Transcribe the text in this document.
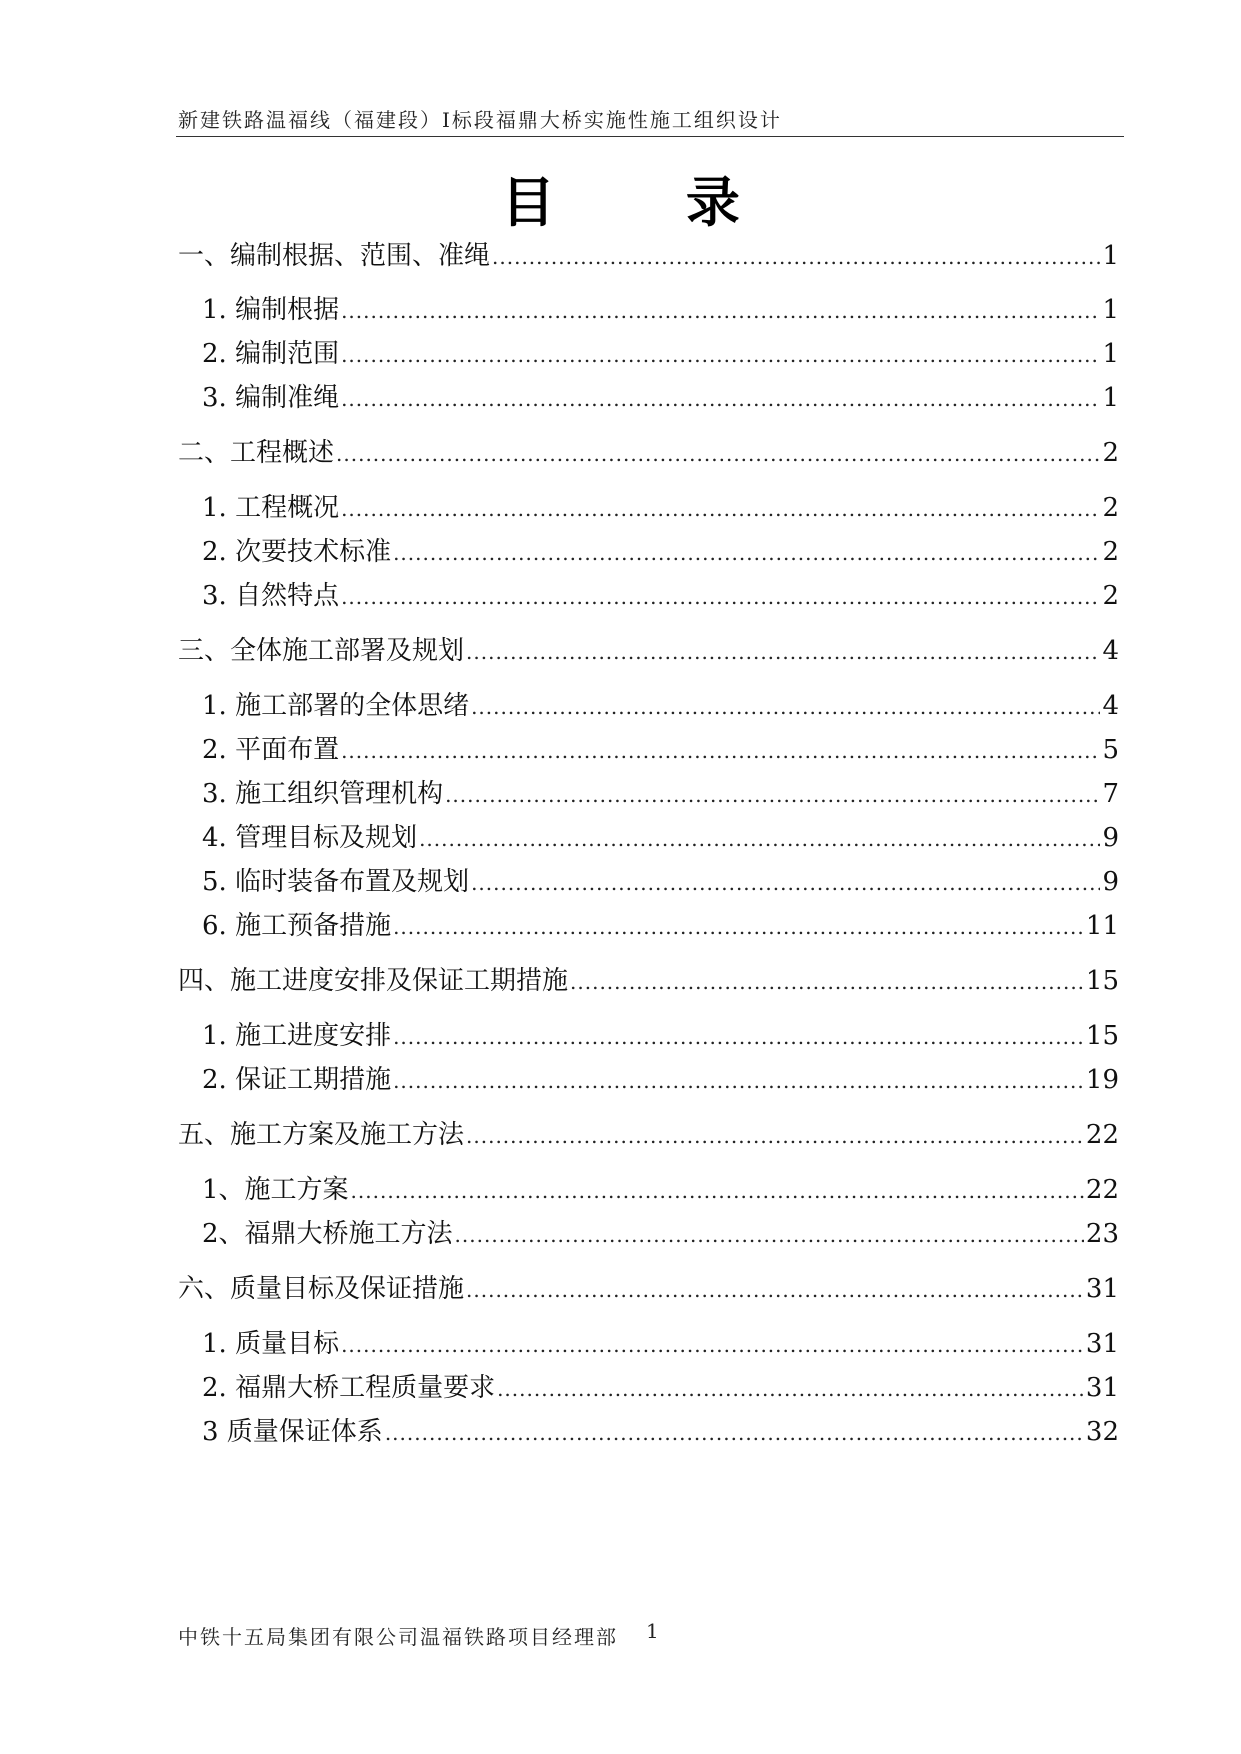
新建铁路温福线（福建段）Ⅰ标段福鼎大桥实施性施工组织设计
目 录
一、编制根据、范围、准绳 .....	1
1. 编制根据 .....	1
2. 编制范围 .....	1
3. 编制准绳 .....	1
二、工程概述 .....	2
1. 工程概况 .....	2
2. 次要技术标准 .....	2
3. 自然特点 .....	2
三、全体施工部署及规划 .....	4
1. 施工部署的全体思绪 .....	4
2. 平面布置 .....	5
3. 施工组织管理机构 .....	7
4. 管理目标及规划 .....	9
5. 临时装备布置及规划 .....	9
6. 施工预备措施 .....	11
四、施工进度安排及保证工期措施 .....	15
1. 施工进度安排 .....	15
2. 保证工期措施 .....	19
五、施工方案及施工方法 .....	22
1、施工方案 .....	22
2、福鼎大桥施工方法 .....	23
六、质量目标及保证措施 .....	31
1. 质量目标 .....	31
2. 福鼎大桥工程质量要求 .....	31
3 质量保证体系 .....	32
中铁十五局集团有限公司温福铁路项目经理部 1
